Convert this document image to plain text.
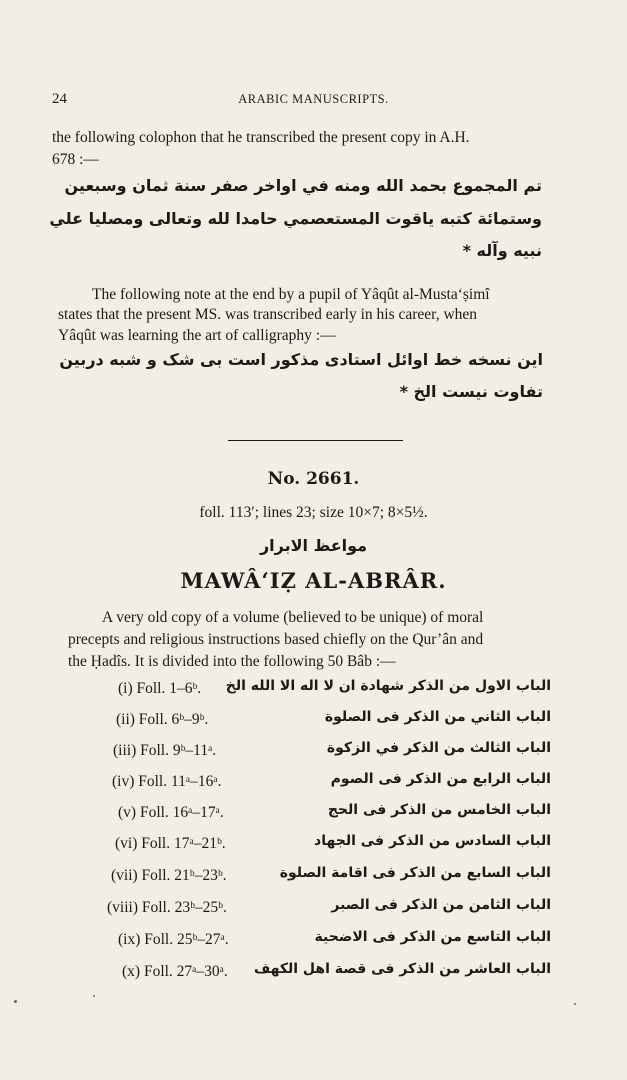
24	ARABIC MANUSCRIPTS.
the following colophon that he transcribed the present copy in A.H.
678 :—
تم المجموع بحمد الله ومنه في اواخر صفر سنة ثمان وسبعين
وستمائة كتبه ياقوت المستعصمي حامدا لله وتعالى ومصليا علي
نبيه وآله *
The following note at the end by a pupil of Yâqût al-Musta‘ṣimî
states that the present MS. was transcribed early in his career, when
Yâqût was learning the art of calligraphy :—
این نسخه خط اوائل استادی مذکور است بی شک و شبه دربین
تفاوت نیست الخ *
No. 2661.
foll. 113′; lines 23; size 10×7; 8×5½.
مواعظ الابرار
MAWÂ‘IẒ AL-ABRÂR.
A very old copy of a volume (believed to be unique) of moral
precepts and religious instructions based chiefly on the Qur’ân and
the Ḥadîs. It is divided into the following 50 Bâb :—
(i) Foll. 1–6ᵇ. الباب الاول من الذكر شهادة ان لا اله الا الله الخ
(ii) Foll. 6ᵇ–9ᵇ.	الباب الثاني من الذكر فی الصلوة
(iii) Foll. 9ᵇ–11ᵃ.	الباب الثالث من الذكر في الزكوة
(iv) Foll. 11ᵃ–16ᵃ.	الباب الرابع من الذكر فی الصوم
(v) Foll. 16ᵃ–17ᵃ.	الباب الخامس من الذكر فی الحج
(vi) Foll. 17ᵃ–21ᵇ.	الباب السادس من الذكر فی الجهاد
(vii) Foll. 21ᵇ–23ᵇ.	الباب السابع من الذكر فی اقامة الصلوة
(viii) Foll. 23ᵇ–25ᵇ.	الباب الثامن من الذكر فی الصبر
(ix) Foll. 25ᵇ–27ᵃ.	الباب التاسع من الذكر فی الاضحية
(x) Foll. 27ᵃ–30ᵃ. الباب العاشر من الذكر فی قصة اهل الكهف
